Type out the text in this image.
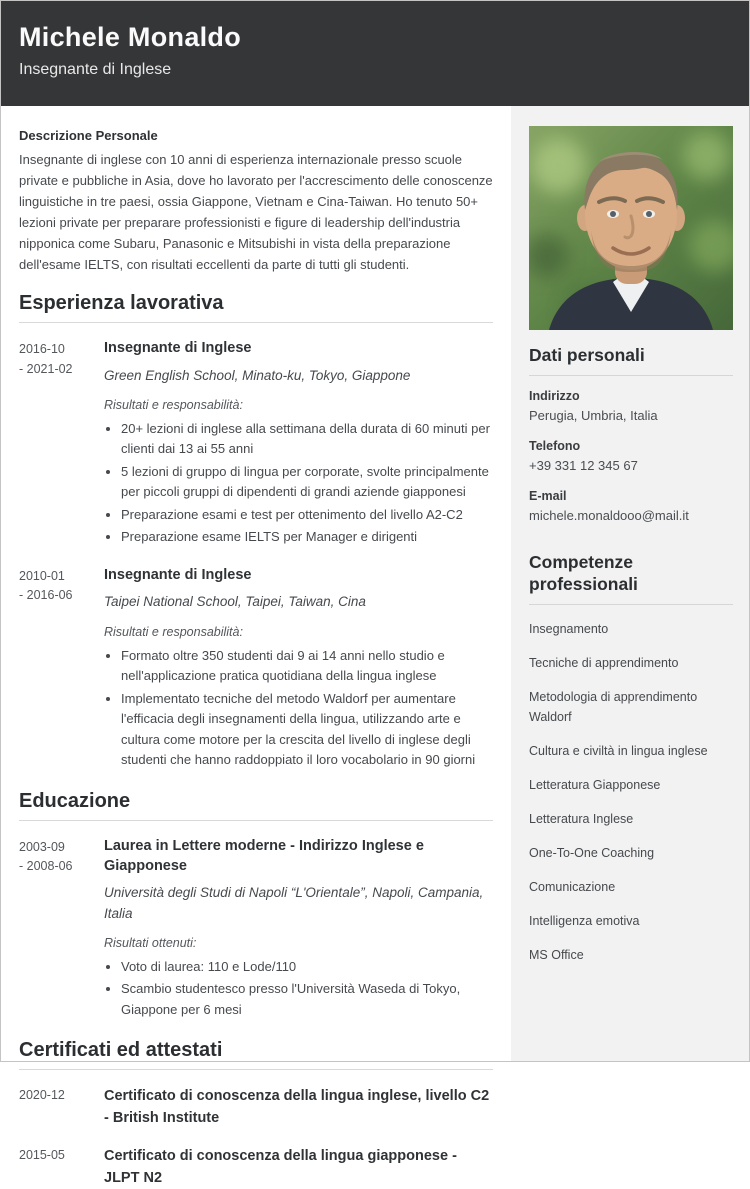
Michele Monaldo
Insegnante di Inglese
Descrizione Personale
Insegnante di inglese con 10 anni di esperienza internazionale presso scuole private e pubbliche in Asia, dove ho lavorato per l'accrescimento delle conoscenze linguistiche in tre paesi, ossia Giappone, Vietnam e Cina-Taiwan. Ho tenuto 50+ lezioni private per preparare professionisti e figure di leadership dell'industria nipponica come Subaru, Panasonic e Mitsubishi in vista della preparazione dell'esame IELTS, con risultati eccellenti da parte di tutti gli studenti.
Esperienza lavorativa
2016-10
- 2021-02
Insegnante di Inglese
Green English School, Minato-ku, Tokyo, Giappone
Risultati e responsabilità:
• 20+ lezioni di inglese alla settimana della durata di 60 minuti per clienti dai 13 ai 55 anni
• 5 lezioni di gruppo di lingua per corporate, svolte principalmente per piccoli gruppi di dipendenti di grandi aziende giapponesi
• Preparazione esami e test per ottenimento del livello A2-C2
• Preparazione esame IELTS per Manager e dirigenti
2010-01
- 2016-06
Insegnante di Inglese
Taipei National School, Taipei, Taiwan, Cina
Risultati e responsabilità:
• Formato oltre 350 studenti dai 9 ai 14 anni nello studio e nell'applicazione pratica quotidiana della lingua inglese
• Implementato tecniche del metodo Waldorf per aumentare l'efficacia degli insegnamenti della lingua, utilizzando arte e cultura come motore per la crescita del livello di inglese degli studenti che hanno raddoppiato il loro vocabolario in 90 giorni
Educazione
2003-09
- 2008-06
Laurea in Lettere moderne - Indirizzo Inglese e Giapponese
Università degli Studi di Napoli “L'Orientale”, Napoli, Campania, Italia
Risultati ottenuti:
• Voto di laurea: 110 e Lode/110
• Scambio studentesco presso l'Università Waseda di Tokyo, Giappone per 6 mesi
Certificati ed attestati
2020-12	Certificato di conoscenza della lingua inglese, livello C2 - British Institute
2015-05	Certificato di conoscenza della lingua giapponese - JLPT N2
Dati personali
Indirizzo
Perugia, Umbria, Italia
Telefono
+39 331 12 345 67
E-mail
michele.monaldooo@mail.it
Competenze professionali
Insegnamento
Tecniche di apprendimento
Metodologia di apprendimento Waldorf
Cultura e civiltà in lingua inglese
Letteratura Giapponese
Letteratura Inglese
One-To-One Coaching
Comunicazione
Intelligenza emotiva
MS Office
